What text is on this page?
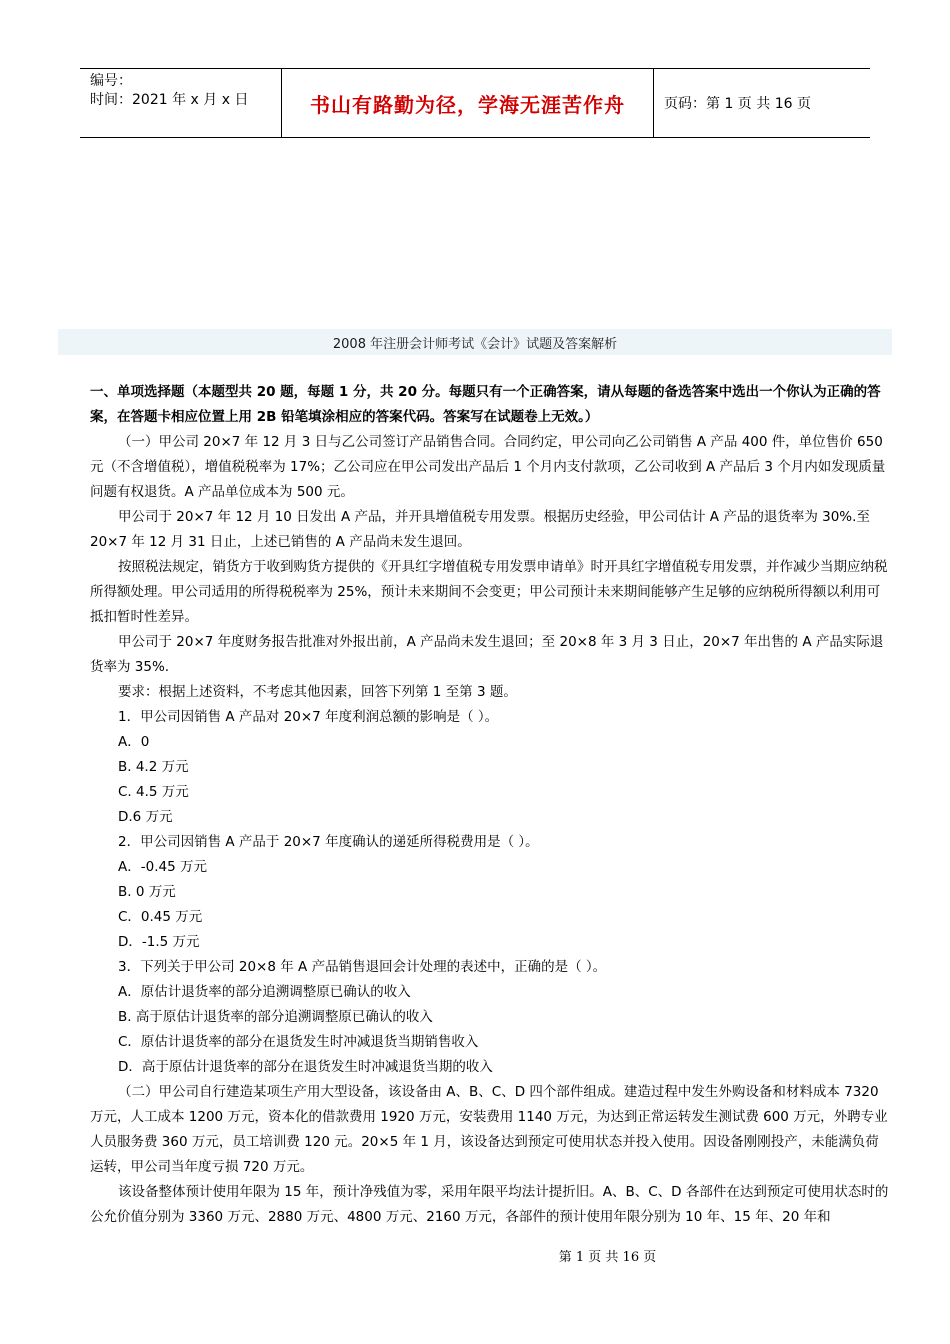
编号：
时间：2021 年 x 月 x 日	书山有路勤为径，学海无涯苦作舟	页码：第 1 页 共 16 页
2008 年注册会计师考试《会计》试题及答案解析

一、单项选择题（本题型共 20 题，每题 1 分，共 20 分。每题只有一个正确答案，请从每题的备选答案中选出一个你认为正确的答案，在答题卡相应位置上用 2B 铅笔填涂相应的答案代码。答案写在试题卷上无效。）

（一）甲公司 20×7 年 12 月 3 日与乙公司签订产品销售合同。合同约定，甲公司向乙公司销售 A 产品 400 件，单位售价 650 元（不含增值税），增值税税率为 17%；乙公司应在甲公司发出产品后 1 个月内支付款项，乙公司收到 A 产品后 3 个月内如发现质量问题有权退货。A 产品单位成本为 500 元。

甲公司于 20×7 年 12 月 10 日发出 A 产品，并开具增值税专用发票。根据历史经验，甲公司估计 A 产品的退货率为 30%.至 20×7 年 12 月 31 日止，上述已销售的 A 产品尚未发生退回。

按照税法规定，销货方于收到购货方提供的《开具红字增值税专用发票申请单》时开具红字增值税专用发票，并作减少当期应纳税所得额处理。甲公司适用的所得税税率为 25%，预计未来期间不会变更；甲公司预计未来期间能够产生足够的应纳税所得额以利用可抵扣暂时性差异。

甲公司于 20×7 年度财务报告批准对外报出前，A 产品尚未发生退回；至 20×8 年 3 月 3 日止，20×7 年出售的 A 产品实际退货率为 35%.

要求：根据上述资料，不考虑其他因素，回答下列第 1 至第 3 题。

1．甲公司因销售 A 产品对 20×7 年度利润总额的影响是（ ）。

A．0

B. 4.2 万元

C. 4.5 万元

D.6 万元

2．甲公司因销售 A 产品于 20×7 年度确认的递延所得税费用是（ ）。

A．-0.45 万元

B. 0 万元

C．0.45 万元

D．-1.5 万元

3．下列关于甲公司 20×8 年 A 产品销售退回会计处理的表述中，正确的是（ ）。

A．原估计退货率的部分追溯调整原已确认的收入

B. 高于原估计退货率的部分追溯调整原已确认的收入

C．原估计退货率的部分在退货发生时冲减退货当期销售收入

D．高于原估计退货率的部分在退货发生时冲减退货当期的收入

（二）甲公司自行建造某项生产用大型设备，该设备由 A、B、C、D 四个部件组成。建造过程中发生外购设备和材料成本 7320 万元，人工成本 1200 万元，资本化的借款费用 1920 万元，安装费用 1140 万元，为达到正常运转发生测试费 600 万元，外聘专业人员服务费 360 万元，员工培训费 120 元。20×5 年 1 月，该设备达到预定可使用状态并投入使用。因设备刚刚投产，未能满负荷运转，甲公司当年度亏损 720 万元。

该设备整体预计使用年限为 15 年，预计净残值为零，采用年限平均法计提折旧。A、B、C、D 各部件在达到预定可使用状态时的公允价值分别为 3360 万元、2880 万元、4800 万元、2160 万元，各部件的预计使用年限分别为 10 年、15 年、20 年和

第 1 页 共 16 页
